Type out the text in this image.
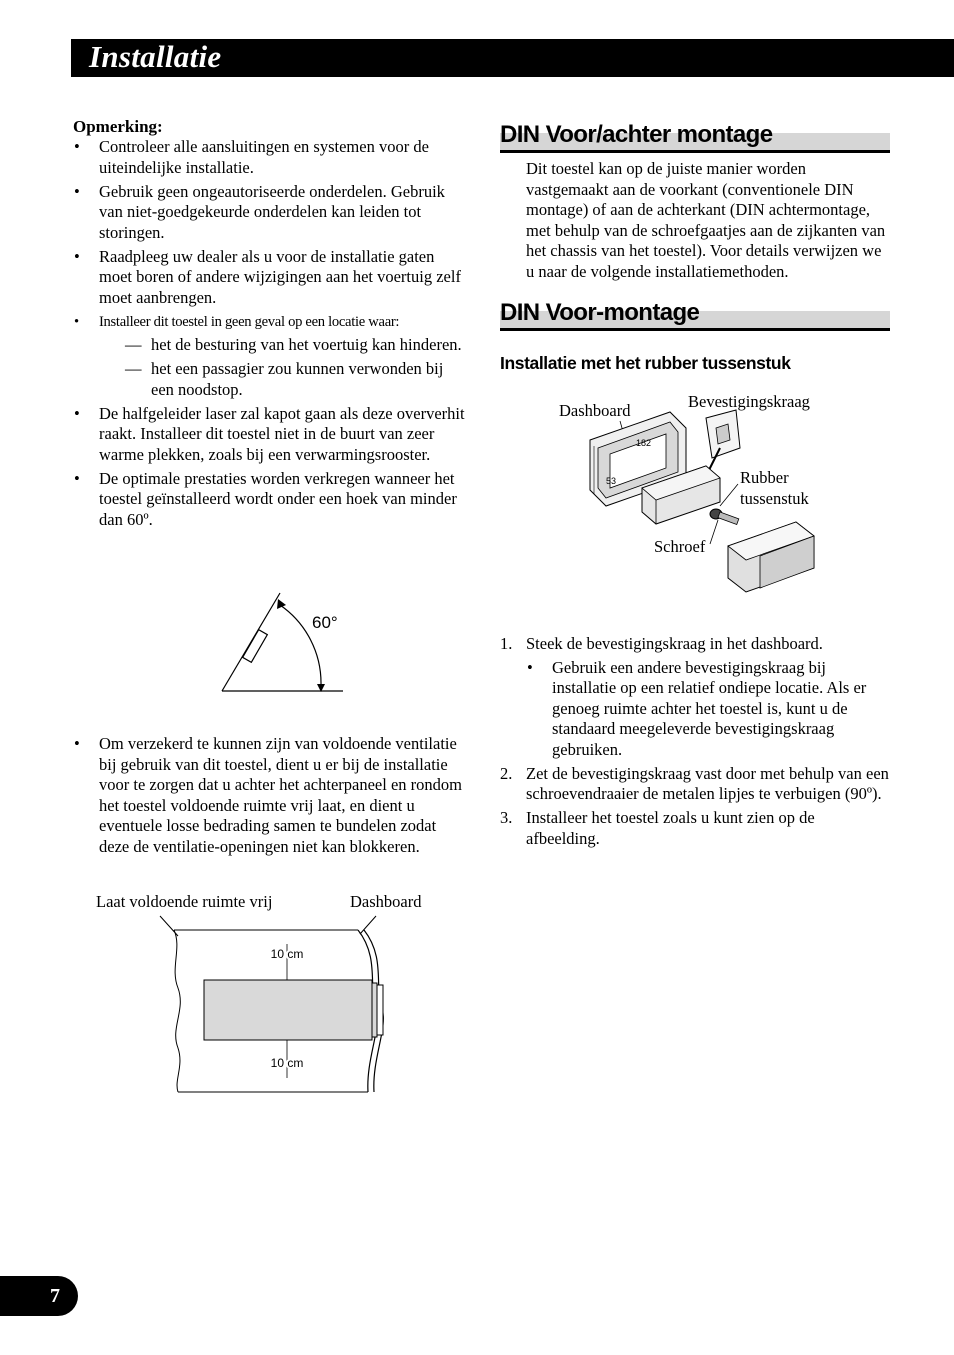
Installatie
Opmerking:
• Controleer alle aansluitingen en systemen voor de uiteindelijke installatie.
• Gebruik geen ongeautoriseerde onderdelen. Gebruik van niet-goedgekeurde onderdelen kan leiden tot storingen.
• Raadpleeg uw dealer als u voor de installatie gaten moet boren of andere wijzigingen aan het voertuig zelf moet aanbrengen.
• Installeer dit toestel in geen geval op een locatie waar:
— het de besturing van het voertuig kan hinderen.
— het een passagier zou kunnen verwonden bij een noodstop.
• De halfgeleider laser zal kapot gaan als deze oververhit raakt. Installeer dit toestel niet in de buurt van zeer warme plekken, zoals bij een verwarmingsrooster.
• De optimale prestaties worden verkregen wanneer het toestel geïnstalleerd wordt onder een hoek van minder dan 60º.
60°
• Om verzekerd te kunnen zijn van voldoende ventilatie bij gebruik van dit toestel, dient u er bij de installatie voor te zorgen dat u achter het achterpaneel en rondom het toestel voldoende ruimte vrij laat, en dient u eventuele losse bedrading samen te bundelen zodat deze de ventilatie-openingen niet kan blokkeren.
Laat voldoende ruimte vrij	Dashboard
10 cm
10 cm
DIN Voor/achter montage
Dit toestel kan op de juiste manier worden vastgemaakt aan de voorkant (conventionele DIN montage) of aan de achterkant (DIN achtermontage, met behulp van de schroefgaatjes aan de zijkanten van het chassis van het toestel). Voor details verwijzen we u naar de volgende installatiemethoden.
DIN Voor-montage
Installatie met het rubber tussenstuk
Dashboard	Bevestigingskraag
Rubber
tussenstuk
Schroef
182
53
1. Steek de bevestigingskraag in het dashboard.
• Gebruik een andere bevestigingskraag bij installatie op een relatief ondiepe locatie. Als er genoeg ruimte achter het toestel is, kunt u de standaard meegeleverde bevestigingskraag gebruiken.
2. Zet de bevestigingskraag vast door met behulp van een schroevendraaier de metalen lipjes te verbuigen (90º).
3. Installeer het toestel zoals u kunt zien op de afbeelding.
7
